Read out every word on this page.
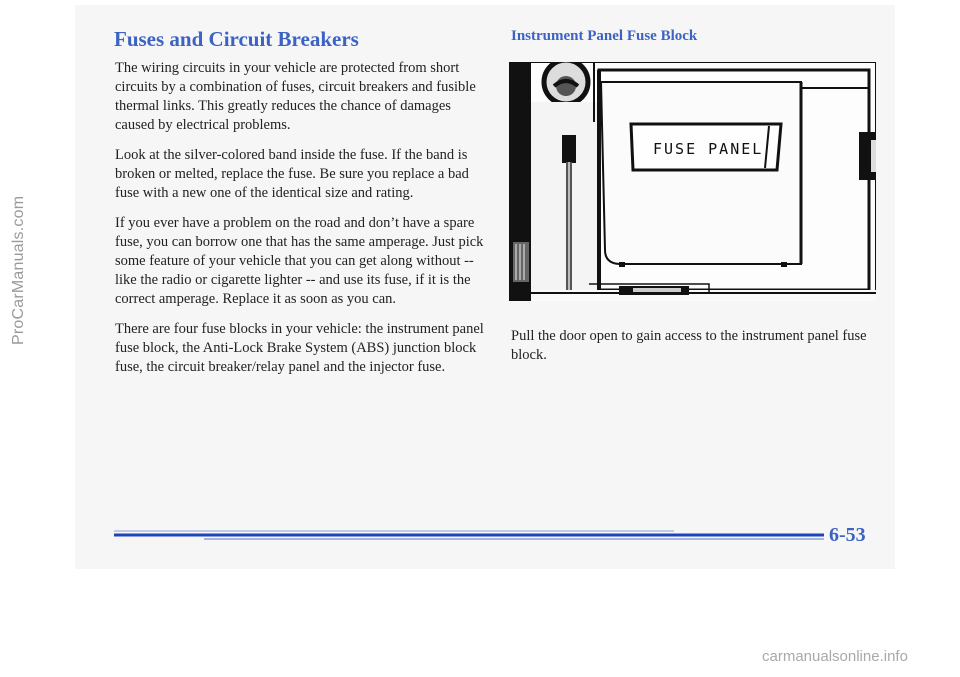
Fuses and Circuit Breakers

The wiring circuits in your vehicle are protected from short circuits by a combination of fuses, circuit breakers and fusible thermal links. This greatly reduces the chance of damages caused by electrical problems.

Look at the silver-colored band inside the fuse. If the band is broken or melted, replace the fuse. Be sure you replace a bad fuse with a new one of the identical size and rating.

If you ever have a problem on the road and don’t have a spare fuse, you can borrow one that has the same amperage. Just pick some feature of your vehicle that you can get along without -- like the radio or cigarette lighter -- and use its fuse, if it is the correct amperage. Replace it as soon as you can.

There are four fuse blocks in your vehicle: the instrument panel fuse block, the Anti-Lock Brake System (ABS) junction block fuse, the circuit breaker/relay panel and the injector fuse.

Instrument Panel Fuse Block
FUSE PANEL

Pull the door open to gain access to the instrument panel fuse block.

6-53

ProCarManuals.com
carmanualsonline.info
